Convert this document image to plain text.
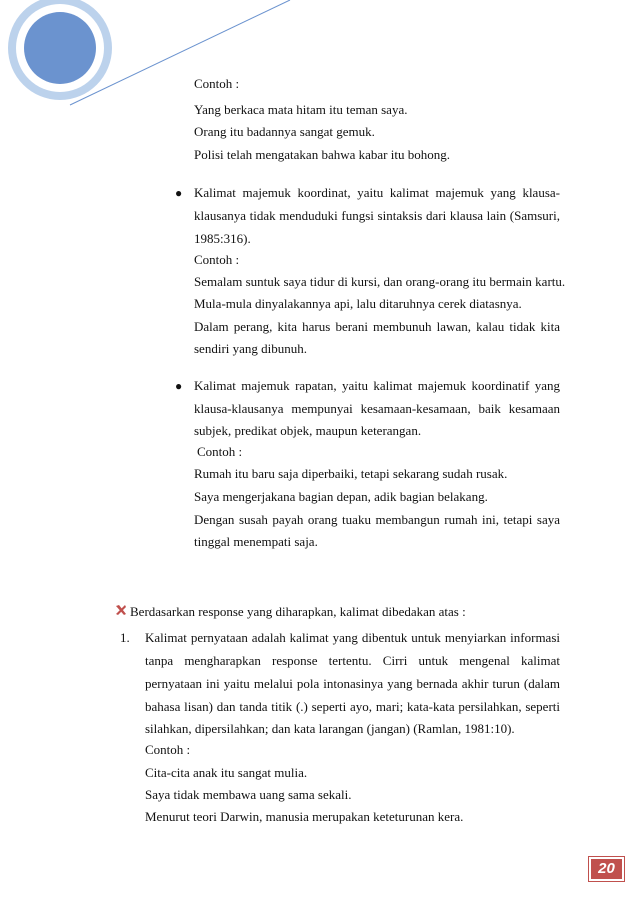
Contoh :
Yang berkaca mata hitam itu teman saya.
Orang itu badannya sangat gemuk.
Polisi telah mengatakan bahwa kabar itu bohong.
● Kalimat majemuk koordinat, yaitu kalimat majemuk yang klausa-
klausanya tidak menduduki fungsi sintaksis dari klausa lain (Samsuri,
1985:316).
Contoh :
Semalam suntuk saya tidur di kursi, dan orang-orang itu bermain kartu.
Mula-mula dinyalakannya api, lalu ditaruhnya cerek diatasnya.
Dalam perang, kita harus berani membunuh lawan, kalau tidak kita
sendiri yang dibunuh.
● Kalimat majemuk rapatan, yaitu kalimat majemuk koordinatif yang
klausa-klausanya mempunyai kesamaan-kesamaan, baik kesamaan
subjek, predikat objek, maupun keterangan.
Contoh :
Rumah itu baru saja diperbaiki, tetapi sekarang sudah rusak.
Saya mengerjakana bagian depan, adik bagian belakang.
Dengan susah payah orang tuaku membangun rumah ini, tetapi saya
tinggal menempati saja.
Berdasarkan response yang diharapkan, kalimat dibedakan atas :
1. Kalimat pernyataan adalah kalimat yang dibentuk untuk menyiarkan informasi
tanpa mengharapkan response tertentu. Cirri untuk mengenal kalimat
pernyataan ini yaitu melalui pola intonasinya yang bernada akhir turun (dalam
bahasa lisan) dan tanda titik (.) seperti ayo, mari; kata-kata persilahkan, seperti
silahkan, dipersilahkan; dan kata larangan (jangan) (Ramlan, 1981:10).
Contoh :
Cita-cita anak itu sangat mulia.
Saya tidak membawa uang sama sekali.
Menurut teori Darwin, manusia merupakan keteturunan kera.
20
